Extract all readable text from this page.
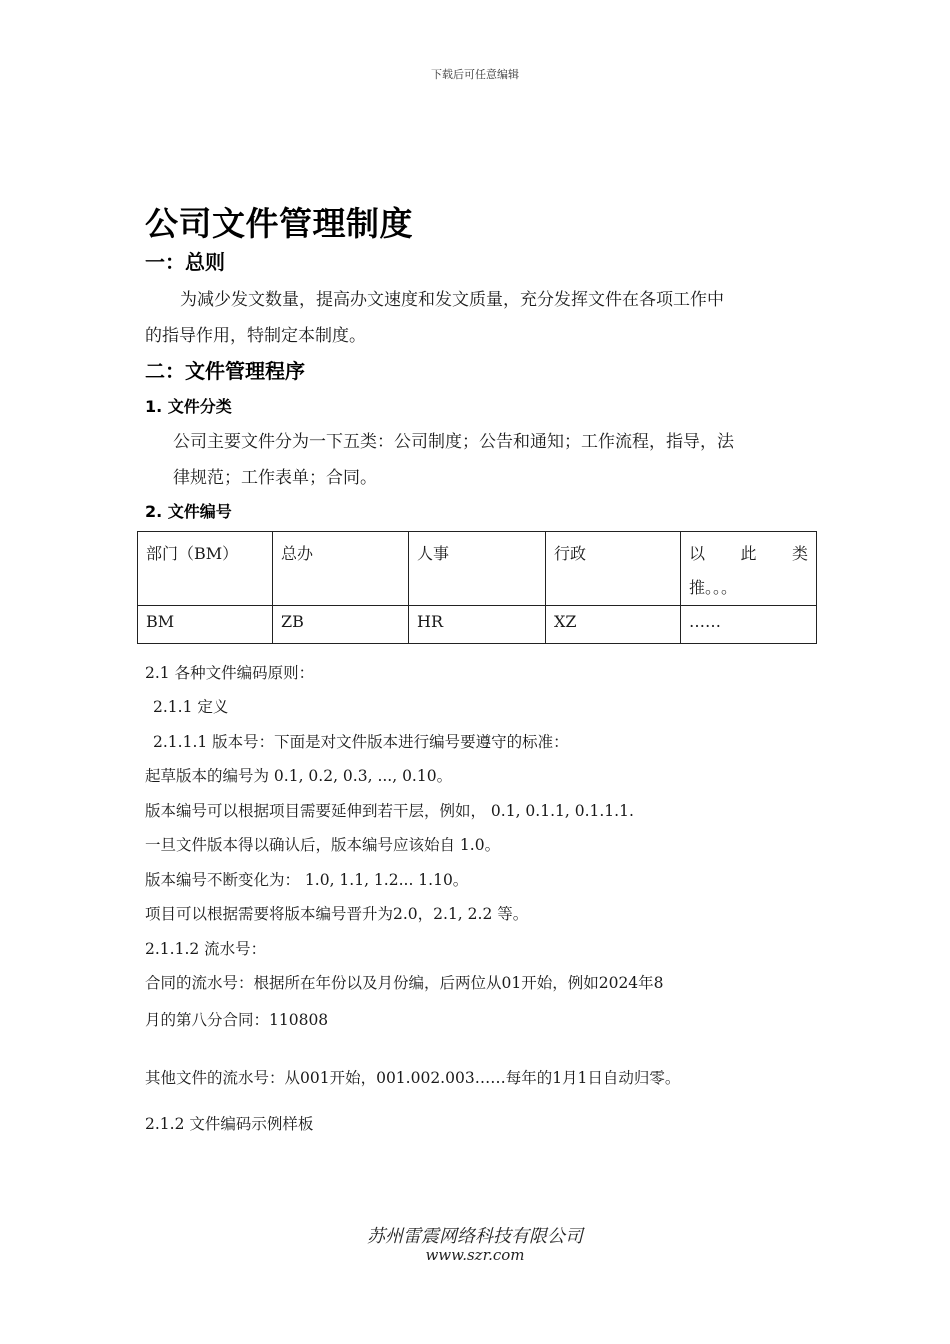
下载后可任意编辑
公司文件管理制度
一：总则
为减少发文数量，提高办文速度和发文质量，充分发挥文件在各项工作中
的指导作用，特制定本制度。
二：文件管理程序
1. 文件分类
公司主要文件分为一下五类：公司制度；公告和通知；工作流程，指导，法
律规范；工作表单；合同。
2. 文件编号
部门（BM）	总办	人事	行政	以 此 类
推。。。

BM	ZB	HR	XZ	……
2.1 各种文件编码原则：
2.1.1 定义
2.1.1.1 版本号：下面是对文件版本进行编号要遵守的标准：
起草版本的编号为 0.1, 0.2, 0.3, ..., 0.10。
版本编号可以根据项目需要延伸到若干层，例如， 0.1, 0.1.1, 0.1.1.1.
一旦文件版本得以确认后，版本编号应该始自 1.0。
版本编号不断变化为： 1.0, 1.1, 1.2... 1.10。
项目可以根据需要将版本编号晋升为2.0，2.1, 2.2 等。
2.1.1.2 流水号：
合同的流水号：根据所在年份以及月份编，后两位从01开始，例如2024年8
月的第八分合同：110808
其他文件的流水号：从001开始，001.002.003……每年的1月1日自动归零。
2.1.2 文件编码示例样板
苏州雷震网络科技有限公司
www.szr.com
